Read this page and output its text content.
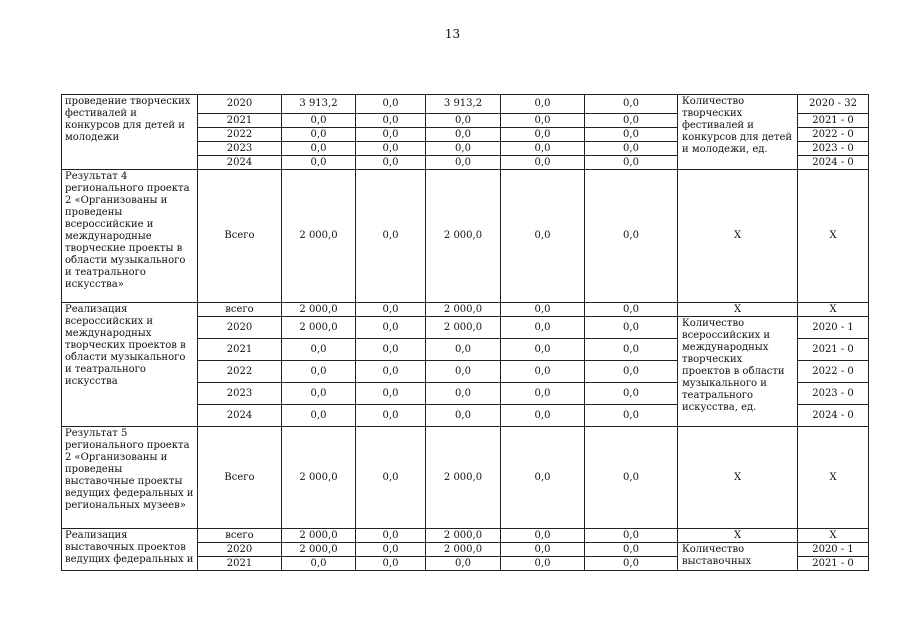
13
проведение творческих фестивалей и конкурсов для детей и молодежи	2020	3 913,2	0,0	3 913,2	0,0	0,0	Количество творческих фестивалей и конкурсов для детей и молодежи, ед.	2020 - 32
	2021	0,0	0,0	0,0	0,0	0,0		2021 - 0
	2022	0,0	0,0	0,0	0,0	0,0		2022 - 0
	2023	0,0	0,0	0,0	0,0	0,0		2023 - 0
	2024	0,0	0,0	0,0	0,0	0,0		2024 - 0
Результат 4 регионального проекта 2 «Организованы и проведены всероссийские и международные творческие проекты в области музыкального и театрального искусства»	Всего	2 000,0	0,0	2 000,0	0,0	0,0	X	X
Реализация всероссийских и международных творческих проектов в области музыкального и театрального искусства	всего	2 000,0	0,0	2 000,0	0,0	0,0	X	X
	2020	2 000,0	0,0	2 000,0	0,0	0,0	Количество всероссийских и международных творческих проектов в области музыкального и театрального искусства, ед.	2020 - 1
	2021	0,0	0,0	0,0	0,0	0,0		2021 - 0
	2022	0,0	0,0	0,0	0,0	0,0		2022 - 0
	2023	0,0	0,0	0,0	0,0	0,0		2023 - 0
	2024	0,0	0,0	0,0	0,0	0,0		2024 - 0
Результат 5 регионального проекта 2 «Организованы и проведены выставочные проекты ведущих федеральных и региональных музеев»	Всего	2 000,0	0,0	2 000,0	0,0	0,0	X	X
Реализация выставочных проектов ведущих федеральных и	всего	2 000,0	0,0	2 000,0	0,0	0,0	X	X
	2020	2 000,0	0,0	2 000,0	0,0	0,0	Количество выставочных	2020 - 1
	2021	0,0	0,0	0,0	0,0	0,0		2021 - 0
